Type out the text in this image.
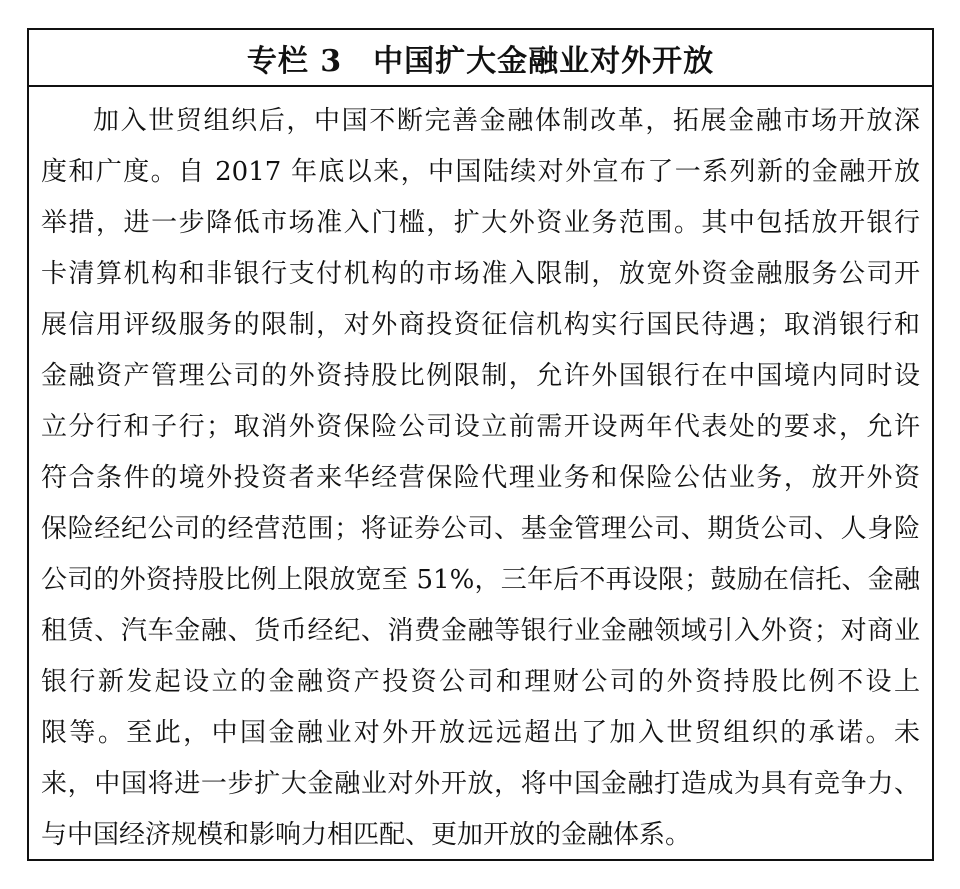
专栏 3　中国扩大金融业对外开放
加入世贸组织后，中国不断完善金融体制改革，拓展金融市场开放深
度和广度。自 2017 年底以来，中国陆续对外宣布了一系列新的金融开放
举措，进一步降低市场准入门槛，扩大外资业务范围。其中包括放开银行
卡清算机构和非银行支付机构的市场准入限制，放宽外资金融服务公司开
展信用评级服务的限制，对外商投资征信机构实行国民待遇；取消银行和
金融资产管理公司的外资持股比例限制，允许外国银行在中国境内同时设
立分行和子行；取消外资保险公司设立前需开设两年代表处的要求，允许
符合条件的境外投资者来华经营保险代理业务和保险公估业务，放开外资
保险经纪公司的经营范围；将证券公司、基金管理公司、期货公司、人身险
公司的外资持股比例上限放宽至 51%，三年后不再设限；鼓励在信托、金融
租赁、汽车金融、货币经纪、消费金融等银行业金融领域引入外资；对商业
银行新发起设立的金融资产投资公司和理财公司的外资持股比例不设上
限等。至此，中国金融业对外开放远远超出了加入世贸组织的承诺。未
来，中国将进一步扩大金融业对外开放，将中国金融打造成为具有竞争力、
与中国经济规模和影响力相匹配、更加开放的金融体系。
